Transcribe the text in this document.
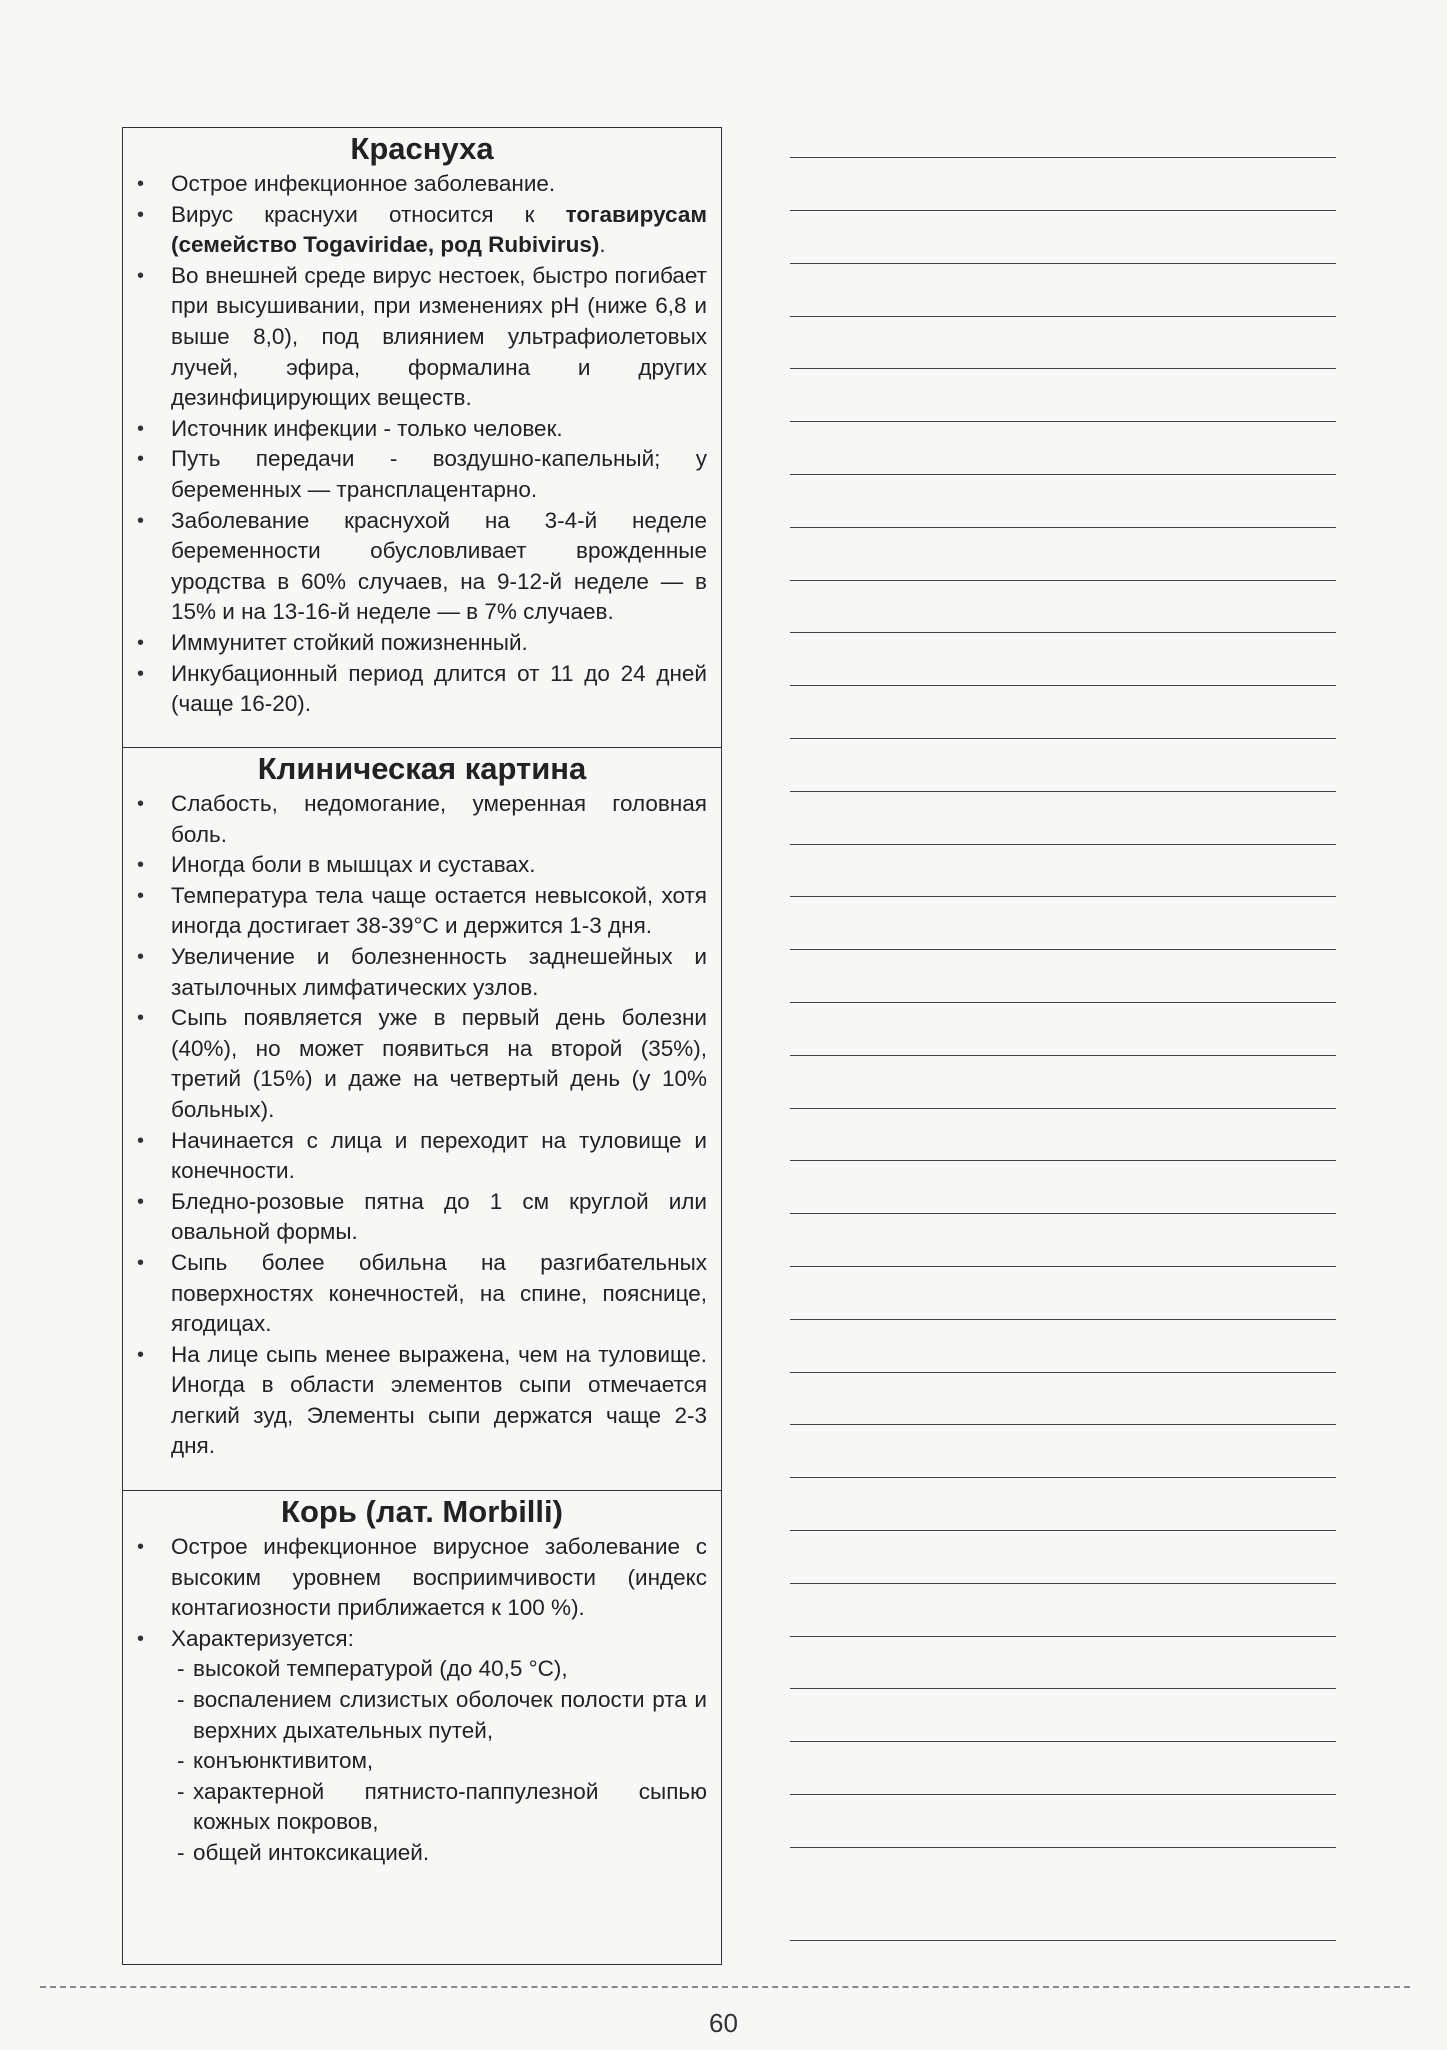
Краснуха
• Острое инфекционное заболевание.
• Вирус краснухи относится к тогавирусам (семейство Togaviridae, род Rubivirus).
• Во внешней среде вирус нестоек, быстро погибает при высушивании, при изменениях рН (ниже 6,8 и выше 8,0), под влиянием ультрафиолетовых лучей, эфира, формалина и других дезинфицирующих веществ.
• Источник инфекции - только человек.
• Путь передачи - воздушно-капельный; у беременных — трансплацентарно.
• Заболевание краснухой на 3-4-й неделе беременности обусловливает врожденные уродства в 60% случаев, на 9-12-й неделе — в 15% и на 13-16-й неделе — в 7% случаев.
• Иммунитет стойкий пожизненный.
• Инкубационный период длится от 11 до 24 дней (чаще 16-20).
Клиническая картина
• Слабость, недомогание, умеренная головная боль.
• Иногда боли в мышцах и суставах.
• Температура тела чаще остается невысокой, хотя иногда достигает 38-39°С и держится 1-3 дня.
• Увеличение и болезненность заднешейных и затылочных лимфатических узлов.
• Сыпь появляется уже в первый день болезни (40%), но может появиться на второй (35%), третий (15%) и даже на четвертый день (у 10% больных).
• Начинается с лица и переходит на туловище и конечности.
• Бледно-розовые пятна до 1 см круглой или овальной формы.
• Сыпь более обильна на разгибательных поверхностях конечностей, на спине, пояснице, ягодицах.
• На лице сыпь менее выражена, чем на туловище. Иногда в области элементов сыпи отмечается легкий зуд, Элементы сыпи держатся чаще 2-3 дня.
Корь (лат. Morbilli)
• Острое инфекционное вирусное заболевание с высоким уровнем восприимчивости (индекс контагиозности приближается к 100 %).
• Характеризуется:
- высокой температурой (до 40,5 °С),
- воспалением слизистых оболочек полости рта и верхних дыхательных путей,
- конъюнктивитом,
- характерной пятнисто-паппулезной сыпью кожных покровов,
- общей интоксикацией.
60
